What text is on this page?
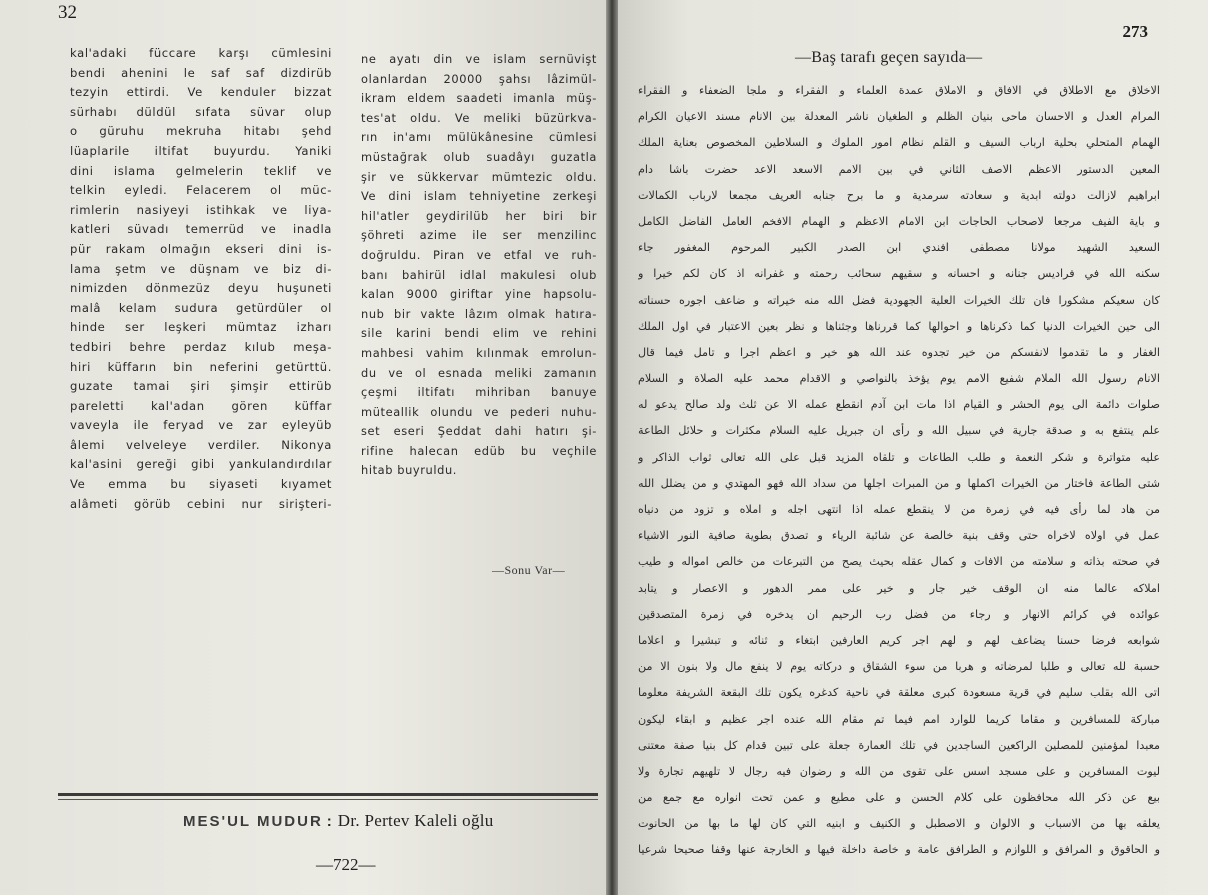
32
kal'adaki füccare karşı cümlesini
bendi ahenini le saf saf dizdirüb
tezyin ettirdi. Ve kenduler bizzat
sürhabı düldül sıfata süvar olup
o güruhu mekruha hitabı şehd
lüaplarile iltifat buyurdu. Yaniki
dini islama gelmelerin teklif ve
telkin eyledi. Felacerem ol müc-
rimlerin nasiyeyi istihkak ve liya-
katleri süvadı temerrüd ve inadla
pür rakam olmağın ekseri dini is-
lama şetm ve düşnam ve biz di-
nimizden dönmezüz deyu huşuneti
malâ kelam sudura getürdüler ol
hinde ser leşkeri mümtaz izharı
tedbiri behre perdaz kılub meşa-
hiri küffarın bin neferini getürttü.
guzate tamai şiri şimşir ettirüb
pareletti kal'adan gören küffar
vaveyla ile feryad ve zar eyleyüb
âlemi velveleye verdiler. Nikonya
kal'asini gereği gibi yankulandırdılar
Ve emma bu siyaseti kıyamet
alâmeti görüb cebini nur sirişteri-
ne ayatı din ve islam sernüvişt
olanlardan 20000 şahsı lâzimül-
ikram eldem saadeti imanla müş-
tes'at oldu. Ve meliki büzürkva-
rın in'amı mülükânesine cümlesi
müstağrak olub suadâyı guzatla
şir ve sükkervar mümtezic oldu.
Ve dini islam tehniyetine zerkeşi
hil'atler geydirilüb her biri bir
şöhreti azime ile ser menzilinc
doğruldu. Piran ve etfal ve ruh-
banı bahirül idlal makulesi olub
kalan 9000 giriftar yine hapsolu-
nub bir vakte lâzım olmak hatıra-
sile karini bendi elim ve rehini
mahbesi vahim kılınmak emrolun-
du ve ol esnada meliki zamanın
çeşmi iltifatı mihriban banuye
müteallik olundu ve pederi nuhu-
set eseri Şeddat dahi hatırı şi-
rifine halecan edüb bu veçhile
hitab buyruldu.
—Sonu Var—
MES'UL MUDUR : Dr. Pertev Kaleli oğlu
—722—
273
—Baş tarafı geçen sayıda—
الاخلاق مع الاطلاق في الافاق و الاملاق عمدة العلماء و الفقراء و ملجا الضعفاء و الفقراء
المرام العدل و الاحسان ماحى بنيان الظلم و الطغيان ناشر المعدلة بين الانام مسند الاعيان الكرام
الهمام المتحلي بحلية ارباب السيف و القلم نظام امور الملوك و السلاطين المخصوص بعناية الملك
المعين الدستور الاعظم الاصف الثاني في بين الامم الاسعد الاعد حضرت باشا دام
ابراهيم لازالت دولته ابدية و سعادته سرمدية و ما برح جنابه العريف مجمعا لارباب الكمالات
و باية الفيف مرجعا لاصحاب الحاجات ابن الامام الاعظم و الهمام الافخم العامل الفاضل الكامل
السعيد الشهيد مولانا مصطفى افندي ابن الصدر الكبير المرحوم المغفور جاء
سكنه الله في فراديس جنانه و احسانه و سقيهم سحائب رحمته و غفرانه اذ كان لكم خيرا و
كان سعيكم مشكورا فان تلك الخيرات العلية الجهودية فضل الله منه خيراته و ضاعف اجوره حسناته
الى حين الخيرات الدنيا كما ذكرناها و احوالها كما قررناها وجثناها و نظر بعين الاعتبار في اول الملك
الغفار و ما تقدموا لانفسكم من خير تجدوه عند الله هو خير و اعظم اجرا و تامل فيما قال
الانام رسول الله الملام شفيع الامم يوم يؤخذ بالنواصي و الاقدام محمد عليه الصلاة و السلام
صلوات دائمة الى يوم الحشر و القيام اذا مات ابن آدم انقطع عمله الا عن ثلث ولد صالح يدعو له
علم ينتفع به و صدقة جارية في سبيل الله و رأى ان جبريل عليه السلام مكثرات و حلائل الطاعة
عليه متواترة و شكر النعمة و طلب الطاعات و تلقاه المزيد قبل على الله تعالى ثواب الذاكر و
شتى الطاعة فاختار من الخيرات اكملها و من المبرات اجلها من سداد الله فهو المهتدي و من يضلل الله
من هاد لما رأى فيه في زمرة من لا ينقطع عمله اذا انتهى اجله و املاه و تزود من دنياه
عمل في اولاه لاخراه حتى وقف بنية خالصة عن شائبة الرياء و تصدق بطوية صافية النور الاشياء
في صحته بذاته و سلامته من الافات و كمال عقله بحيث يصح من التبرعات من خالص امواله و طيب
املاكه عالما منه ان الوقف خير جار و خير على ممر الدهور و الاعصار و يتابد
عوائده في كرائم الانهار و رجاء من فضل رب الرحيم ان يدخره في زمرة المتصدقين
شوابعه فرضا حسنا يضاعف لهم و لهم اجر كريم العارفين ابتغاء و ثنائه و تبشيرا و اعلاما
حسبة لله تعالى و طلبا لمرضاته و هربا من سوء الشقاق و دركاته يوم لا ينفع مال ولا بنون الا من
اتى الله بقلب سليم في قرية مسعودة كبرى معلقة في ناحية كدغره يكون تلك البقعة الشريفة معلوما
مباركة للمسافرين و مقاما كريما للوارد امم فيما تم مقام الله عنده اجر عظيم و ابقاء ليكون
معبدا لمؤمنين للمصلين الراكعين الساجدين في تلك العمارة جعلة على تبين قدام كل بنيا صفة معتنى
ليوت المسافرين و على مسجد اسس على تقوى من الله و رضوان فيه رجال لا تلهيهم تجارة ولا
بيع عن ذكر الله محافظون على كلام الحسن و على مطيع و عمن تحت انواره مع جمع من
يعلقه بها من الاسباب و الالوان و الاصطبل و الكنيف و ابنيه التي كان لها ما بها من الحانوت
و الحاقوق و المرافق و اللوازم و الطرافق عامة و خاصة داخلة فيها و الخارجة عنها وقفا صحيحا شرعيا
